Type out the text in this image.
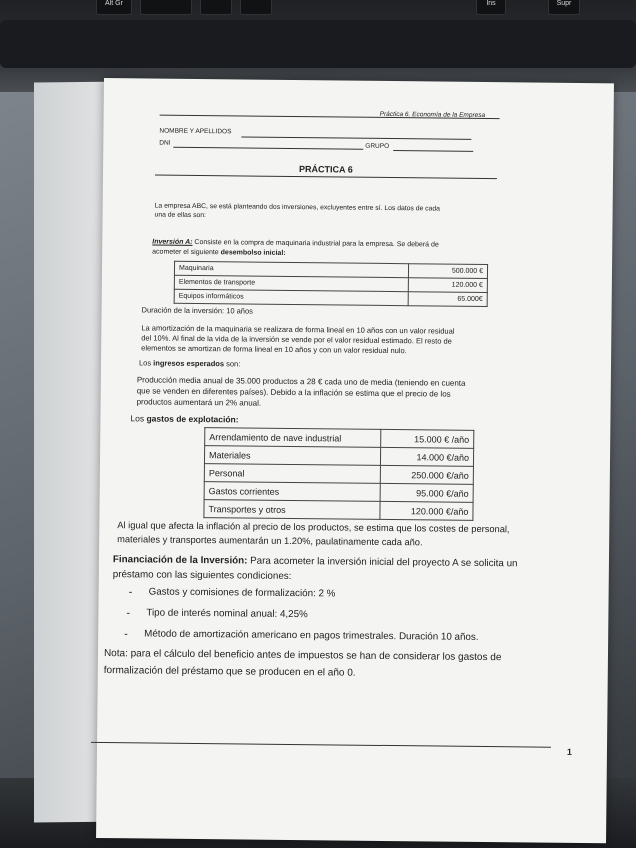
Alt Gr	Ins	Supr
Práctica 6. Economía de la Empresa
NOMBRE Y APELLIDOS
DNI	GRUPO
PRÁCTICA 6
La empresa ABC, se está planteando dos inversiones, excluyentes entre sí. Los datos de cada
una de ellas son:
Inversión A: Consiste en la compra de maquinaria industrial para la empresa. Se deberá de
acometer el siguiente desembolso inicial:
Maquinaria	500.000 €
Elementos de transporte	120.000 €
Equipos informáticos	65.000€
Duración de la inversión: 10 años
La amortización de la maquinaria se realizara de forma lineal en 10 años con un valor residual
del 10%. Al final de la vida de la inversión se vende por el valor residual estimado. El resto de
elementos se amortizan de forma lineal en 10 años y con un valor residual nulo.
Los ingresos esperados son:
Producción media anual de 35.000 productos a 28 € cada uno de media (teniendo en cuenta
que se venden en diferentes países). Debido a la inflación se estima que el precio de los
productos aumentará un 2% anual.
Los gastos de explotación:
Arrendamiento de nave industrial	15.000 € /año
Materiales	14.000 €/año
Personal	250.000 €/año
Gastos corrientes	95.000 €/año
Transportes y otros	120.000 €/año
Al igual que afecta la inflación al precio de los productos, se estima que los costes de personal,
materiales y transportes aumentarán un 1.20%, paulatinamente cada año.
Financiación de la Inversión: Para acometer la inversión inicial del proyecto A se solicita un
préstamo con las siguientes condiciones:
- Gastos y comisiones de formalización: 2 %
- Tipo de interés nominal anual: 4,25%
- Método de amortización americano en pagos trimestrales. Duración 10 años.
Nota: para el cálculo del beneficio antes de impuestos se han de considerar los gastos de
formalización del préstamo que se producen en el año 0.
1
